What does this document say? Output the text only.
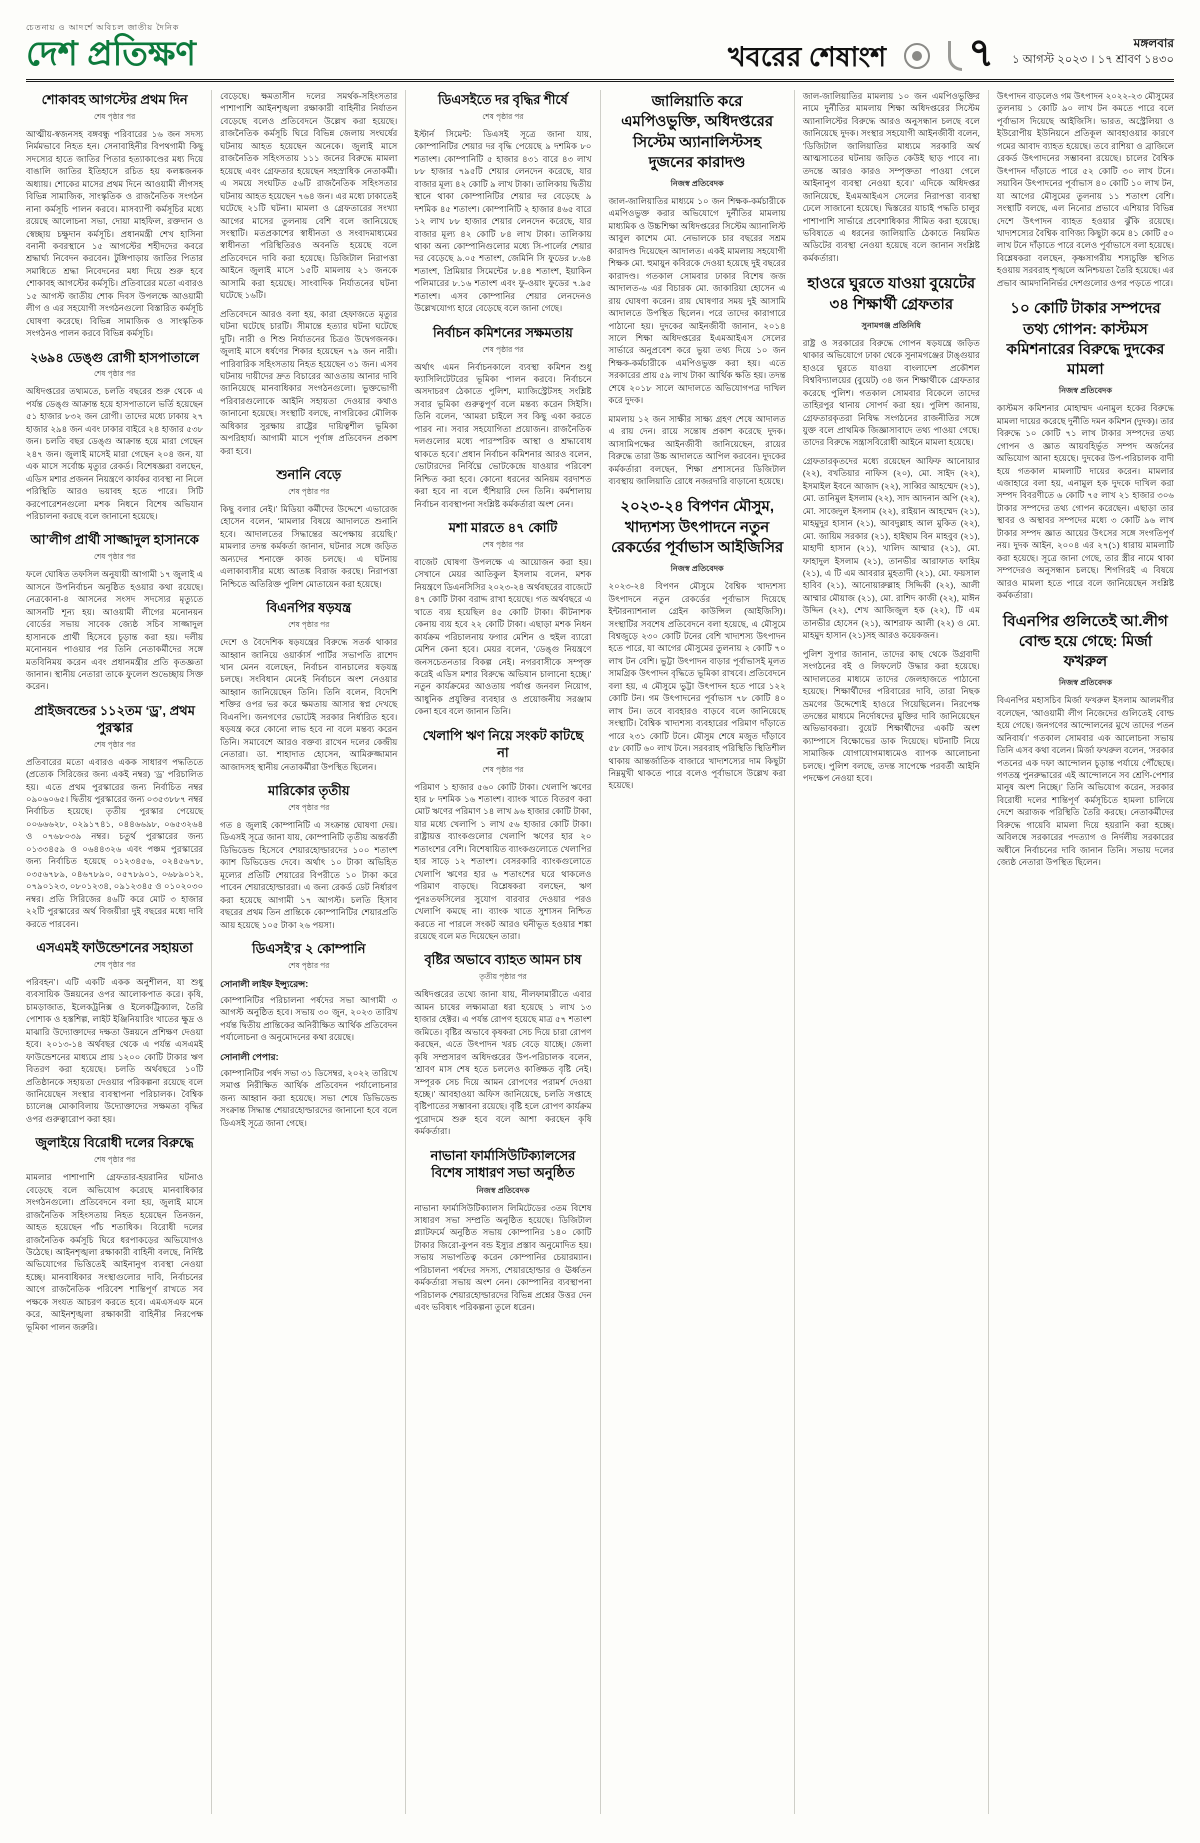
চেতনায় ও আদর্শে অবিচল জাতীয় দৈনিক
দেশ প্রতিক্ষণ	খবরের শেষাংশ ৭	মঙ্গলবার
১ আগস্ট ২০২৩ । ১৭ শ্রাবণ ১৪৩০
শোকাবহ আগস্টের প্রথম দিন
শেষ পৃষ্ঠার পর

আত্মীয়-স্বজনসহ বঙ্গবন্ধু পরিবারের ১৬ জন সদস্য নির্মমভাবে নিহত হন। সেনাবাহিনীর বিপথগামী কিছু সদস্যের হাতে জাতির পিতার হত্যাকাণ্ডের মধ্য দিয়ে বাঙালি জাতির ইতিহাসে রচিত হয় কলঙ্কজনক অধ্যায়। শোকের মাসের প্রথম দিনে আওয়ামী লীগসহ বিভিন্ন সামাজিক, সাংস্কৃতিক ও রাজনৈতিক সংগঠন নানা কর্মসূচি পালন করবে। মাসব্যাপী কর্মসূচির মধ্যে রয়েছে আলোচনা সভা, দোয়া মাহফিল, রক্তদান ও স্বেচ্ছায় চক্ষুদান কর্মসূচি। প্রধানমন্ত্রী শেখ হাসিনা বনানী কবরস্থানে ১৫ আগস্টের শহীদদের কবরে শ্রদ্ধার্ঘ্য নিবেদন করবেন। টুঙ্গিপাড়ায় জাতির পিতার সমাধিতে শ্রদ্ধা নিবেদনের মধ্য দিয়ে শুরু হবে শোকাবহ আগস্টের কর্মসূচি। প্রতিবারের মতো এবারও ১৫ আগস্ট জাতীয় শোক দিবস উপলক্ষে আওয়ামী লীগ ও এর সহযোগী সংগঠনগুলো বিস্তারিত কর্মসূচি ঘোষণা করেছে। বিভিন্ন সামাজিক ও সাংস্কৃতিক সংগঠনও পালন করবে বিভিন্ন কর্মসূচি।

২৬৯৪ ডেঙ্গু রোগী হাসপাতালে
শেষ পৃষ্ঠার পর

অধিদপ্তরের তথ্যমতে, চলতি বছরের শুরু থেকে এ পর্যন্ত ডেঙ্গু আক্রান্ত হয়ে হাসপাতালে ভর্তি হয়েছেন ৫১ হাজার ৮৩২ জন রোগী। তাদের মধ্যে ঢাকায় ২৭ হাজার ২৯৪ জন এবং ঢাকার বাইরে ২৪ হাজার ৫৩৮ জন। চলতি বছর ডেঙ্গু আক্রান্ত হয়ে মারা গেছেন ২৪৭ জন। জুলাই মাসেই মারা গেছেন ২০৪ জন, যা এক মাসে সর্বোচ্চ মৃত্যুর রেকর্ড। বিশেষজ্ঞরা বলছেন, এডিস মশার প্রজনন নিয়ন্ত্রণে কার্যকর ব্যবস্থা না নিলে পরিস্থিতি আরও ভয়াবহ হতে পারে। সিটি করপোরেশনগুলো মশক নিধনে বিশেষ অভিযান পরিচালনা করছে বলে জানানো হয়েছে।

আ’লীগ প্রার্থী সাজ্জাদুল হাসানকে
শেষ পৃষ্ঠার পর

ফলে ঘোষিত তফসিল অনুযায়ী আগামী ১৭ জুলাই এ আসনে উপনির্বাচন অনুষ্ঠিত হওয়ার কথা রয়েছে। নেত্রকোনা-৪ আসনের সংসদ সদস্যের মৃত্যুতে আসনটি শূন্য হয়। আওয়ামী লীগের মনোনয়ন বোর্ডের সভায় সাবেক জ্যেষ্ঠ সচিব সাজ্জাদুল হাসানকে প্রার্থী হিসেবে চূড়ান্ত করা হয়। দলীয় মনোনয়ন পাওয়ার পর তিনি নেতাকর্মীদের সঙ্গে মতবিনিময় করেন এবং প্রধানমন্ত্রীর প্রতি কৃতজ্ঞতা জানান। স্থানীয় নেতারা তাকে ফুলেল শুভেচ্ছায় সিক্ত করেন।

প্রাইজবন্ডের ১১২তম ‘ড্র’, প্রথম পুরস্কার
শেষ পৃষ্ঠার পর

প্রতিবারের মতো এবারও একক সাধারণ পদ্ধতিতে (প্রত্যেক সিরিজের জন্য একই নম্বর) ‘ড্র’ পরিচালিত হয়। এতে প্রথম পুরস্কারের জন্য নির্বাচিত নম্বর ০৯০৬০৬৫। দ্বিতীয় পুরস্কারের জন্য ০৩৫৩৮৮৭ নম্বর নির্বাচিত হয়েছে। তৃতীয় পুরস্কার পেয়েছে ০০৬৬৬২৮, ০২৯১৭৪১, ০৪৪৬৬৯৮, ০৬৫৩২৬৪ ও ০৭৬৮০৩৯ নম্বর। চতুর্থ পুরস্কারের জন্য ০১৩৩৪৫৯ ও ০৬৪৪৩২৬ এবং পঞ্চম পুরস্কারের জন্য নির্বাচিত হয়েছে ০১২৩৪৫৬, ০২৪৫৬৭৮, ০৩৫৬৭৮৯, ০৪৬৭৮৯০, ০৫৭৮৯০১, ০৬৮৯০১২, ০৭৯০১২৩, ০৮০১২৩৪, ০৯১২৩৪৫ ও ০১০২০৩০ নম্বর। প্রতি সিরিজের ৪৬টি করে মোট ৩ হাজার ২২টি পুরস্কারের অর্থ বিজয়ীরা দুই বছরের মধ্যে দাবি করতে পারবেন।

এসএমই ফাউন্ডেশনের সহায়তা
শেষ পৃষ্ঠার পর

পরিবহন’। এটি একটি একক অনুশীলন, যা শুধু ব্যবসায়িক উন্নয়নের ওপর আলোকপাত করে। কৃষি, চামড়াজাত, ইলেকট্রনিক্স ও ইলেকট্রিক্যাল, তৈরি পোশাক ও হস্তশিল্প, লাইট ইঞ্জিনিয়ারিং খাতের ক্ষুদ্র ও মাঝারি উদ্যোক্তাদের দক্ষতা উন্নয়নে প্রশিক্ষণ দেওয়া হবে। ২০১৩-১৪ অর্থবছর থেকে এ পর্যন্ত এসএমই ফাউন্ডেশনের মাধ্যমে প্রায় ১২০০ কোটি টাকার ঋণ বিতরণ করা হয়েছে। চলতি অর্থবছরে ১০টি প্রতিষ্ঠানকে সহায়তা দেওয়ার পরিকল্পনা রয়েছে বলে জানিয়েছেন সংস্থার ব্যবস্থাপনা পরিচালক। বৈশ্বিক চ্যালেঞ্জ মোকাবিলায় উদ্যোক্তাদের সক্ষমতা বৃদ্ধির ওপর গুরুত্বারোপ করা হয়।

জুলাইয়ে বিরোধী দলের বিরুদ্ধে
শেষ পৃষ্ঠার পর

মামলার পাশাপাশি গ্রেফতার-হয়রানির ঘটনাও বেড়েছে বলে অভিযোগ করেছে মানবাধিকার সংগঠনগুলো। প্রতিবেদনে বলা হয়, জুলাই মাসে রাজনৈতিক সহিংসতায় নিহত হয়েছেন তিনজন, আহত হয়েছেন পাঁচ শতাধিক। বিরোধী দলের রাজনৈতিক কর্মসূচি ঘিরে ধরপাকড়ের অভিযোগও উঠেছে। আইনশৃঙ্খলা রক্ষাকারী বাহিনী বলছে, নির্দিষ্ট অভিযোগের ভিত্তিতেই আইনানুগ ব্যবস্থা নেওয়া হচ্ছে। মানবাধিকার সংস্থাগুলোর দাবি, নির্বাচনের আগে রাজনৈতিক পরিবেশ শান্তিপূর্ণ রাখতে সব পক্ষকে সংযত আচরণ করতে হবে। এমএসএফ মনে করে, আইনশৃঙ্খলা রক্ষাকারী বাহিনীর নিরপেক্ষ ভূমিকা পালন জরুরি।

বেড়েছে। ক্ষমতাসীন দলের সমর্থক-সহিংসতার পাশাপাশি আইনশৃঙ্খলা রক্ষাকারী বাহিনীর নির্যাতন বেড়েছে বলেও প্রতিবেদনে উল্লেখ করা হয়েছে। রাজনৈতিক কর্মসূচি ঘিরে বিভিন্ন জেলায় সংঘর্ষের ঘটনায় আহত হয়েছেন অনেকে। জুলাই মাসে রাজনৈতিক সহিংসতায় ১১১ জনের বিরুদ্ধে মামলা হয়েছে এবং গ্রেফতার হয়েছেন সহস্রাধিক নেতাকর্মী। এ সময়ে সংঘটিত ৫৬টি রাজনৈতিক সহিংসতার ঘটনায় আহত হয়েছেন ৭৬৪ জন। এর মধ্যে ঢাকাতেই ঘটেছে ২১টি ঘটনা। মামলা ও গ্রেফতারের সংখ্যা আগের মাসের তুলনায় বেশি বলে জানিয়েছে সংস্থাটি। মতপ্রকাশের স্বাধীনতা ও সংবাদমাধ্যমের স্বাধীনতা পরিস্থিতিরও অবনতি হয়েছে বলে প্রতিবেদনে দাবি করা হয়েছে। ডিজিটাল নিরাপত্তা আইনে জুলাই মাসে ১৫টি মামলায় ২১ জনকে আসামি করা হয়েছে। সাংবাদিক নির্যাতনের ঘটনা ঘটেছে ১৬টি।

প্রতিবেদনে আরও বলা হয়, কারা হেফাজতে মৃত্যুর ঘটনা ঘটেছে চারটি। সীমান্তে হত্যার ঘটনা ঘটেছে দুটি। নারী ও শিশু নির্যাতনের চিত্রও উদ্বেগজনক। জুলাই মাসে ধর্ষণের শিকার হয়েছেন ৭৯ জন নারী। পারিবারিক সহিংসতায় নিহত হয়েছেন ৩১ জন। এসব ঘটনায় দায়ীদের দ্রুত বিচারের আওতায় আনার দাবি জানিয়েছে মানবাধিকার সংগঠনগুলো। ভুক্তভোগী পরিবারগুলোকে আইনি সহায়তা দেওয়ার কথাও জানানো হয়েছে। সংস্থাটি বলছে, নাগরিকের মৌলিক অধিকার সুরক্ষায় রাষ্ট্রের দায়িত্বশীল ভূমিকা অপরিহার্য। আগামী মাসে পূর্ণাঙ্গ প্রতিবেদন প্রকাশ করা হবে।

শুনানি বেড়ে
শেষ পৃষ্ঠার পর

কিছু বলার নেই।’ মিডিয়া কর্মীদের উদ্দেশে এভারেজ হোসেন বলেন, ‘মামলার বিষয়ে আদালতে শুনানি হবে। আদালতের সিদ্ধান্তের অপেক্ষায় রয়েছি।’ মামলার তদন্ত কর্মকর্তা জানান, ঘটনার সঙ্গে জড়িত অন্যদের শনাক্তে কাজ চলছে। এ ঘটনায় এলাকাবাসীর মধ্যে আতঙ্ক বিরাজ করছে। নিরাপত্তা নিশ্চিতে অতিরিক্ত পুলিশ মোতায়েন করা হয়েছে।

বিএনপির ষড়যন্ত্র
শেষ পৃষ্ঠার পর

দেশে ও বৈদেশিক ষড়যন্ত্রের বিরুদ্ধে সতর্ক থাকার আহ্বান জানিয়ে ওয়ার্কার্স পার্টির সভাপতি রাশেদ খান মেনন বলেছেন, নির্বাচন বানচালের ষড়যন্ত্র চলছে। সংবিধান মেনেই নির্বাচনে অংশ নেওয়ার আহ্বান জানিয়েছেন তিনি। তিনি বলেন, বিদেশি শক্তির ওপর ভর করে ক্ষমতায় আসার স্বপ্ন দেখছে বিএনপি। জনগণের ভোটেই সরকার নির্ধারিত হবে। ষড়যন্ত্র করে কোনো লাভ হবে না বলে মন্তব্য করেন তিনি। সমাবেশে আরও বক্তব্য রাখেন দলের কেন্দ্রীয় নেতারা। ডা. শাহাদাত হোসেন, আমিরুজ্জামান আজাদসহ স্থানীয় নেতাকর্মীরা উপস্থিত ছিলেন।

মারিকোর তৃতীয়
শেষ পৃষ্ঠার পর

গত ৪ জুলাই কোম্পানিটি এ সংক্রান্ত ঘোষণা দেয়। ডিএসই সূত্রে জানা যায়, কোম্পানিটি তৃতীয় অন্তর্বর্তী ডিভিডেন্ড হিসেবে শেয়ারহোল্ডারদের ১০০ শতাংশ ক্যাশ ডিভিডেন্ড দেবে। অর্থাৎ ১০ টাকা অভিহিত মূল্যের প্রতিটি শেয়ারের বিপরীতে ১০ টাকা করে পাবেন শেয়ারহোল্ডাররা। এ জন্য রেকর্ড ডেট নির্ধারণ করা হয়েছে আগামী ১৭ আগস্ট। চলতি হিসাব বছরের প্রথম তিন প্রান্তিকে কোম্পানিটির শেয়ারপ্রতি আয় হয়েছে ১০৫ টাকা ২৬ পয়সা।

ডিএসই’র ২ কোম্পানি
শেষ পৃষ্ঠার পর
সোনালী লাইফ ইন্স্যুরেন্স:

কোম্পানিটির পরিচালনা পর্ষদের সভা আগামী ৩ আগস্ট অনুষ্ঠিত হবে। সভায় ৩০ জুন, ২০২৩ তারিখ পর্যন্ত দ্বিতীয় প্রান্তিকের অনিরীক্ষিত আর্থিক প্রতিবেদন পর্যালোচনা ও অনুমোদনের কথা রয়েছে।

সোনালী পেপার:

কোম্পানিটির পর্ষদ সভা ৩১ ডিসেম্বর, ২০২২ তারিখে সমাপ্ত নিরীক্ষিত আর্থিক প্রতিবেদন পর্যালোচনার জন্য আহ্বান করা হয়েছে। সভা শেষে ডিভিডেন্ড সংক্রান্ত সিদ্ধান্ত শেয়ারহোল্ডারদের জানানো হবে বলে ডিএসই সূত্রে জানা গেছে।

ডিএসইতে দর বৃদ্ধির শীর্ষে
শেষ পৃষ্ঠার পর

ইস্টার্ন সিমেন্ট: ডিএসই সূত্রে জানা যায়, কোম্পানিটির শেয়ার দর বৃদ্ধি পেয়েছে ৯ দশমিক ৮০ শতাংশ। কোম্পানিটি ৫ হাজার ৪৩১ বারে ৪৩ লাখ ৮৮ হাজার ৭৯৫টি শেয়ার লেনদেন করেছে, যার বাজার মূল্য ৪২ কোটি ৯ লাখ টাকা। তালিকায় দ্বিতীয় স্থানে থাকা কোম্পানিটির শেয়ার দর বেড়েছে ৯ দশমিক ৪৫ শতাংশ। কোম্পানিটি ২ হাজার ৪৬৫ বারে ১২ লাখ ৮৮ হাজার শেয়ার লেনদেন করেছে, যার বাজার মূল্য ৪২ কোটি ৮৪ লাখ টাকা। তালিকায় থাকা অন্য কোম্পানিগুলোর মধ্যে সি-পার্লের শেয়ার দর বেড়েছে ৯.০৫ শতাংশ, জেমিনি সি ফুডের ৮.৬৪ শতাংশ, প্রিমিয়ার সিমেন্টের ৮.৪৪ শতাংশ, ইয়াকিন পলিমারের ৮.১৬ শতাংশ এবং ফু-ওয়াং ফুডের ৭.৯৫ শতাংশ। এসব কোম্পানির শেয়ার লেনদেনও উল্লেখযোগ্য হারে বেড়েছে বলে জানা গেছে।

নির্বাচন কমিশনের সক্ষমতায়
শেষ পৃষ্ঠার পর

অর্থাৎ এমন নির্বাচনকালে ব্যবস্থা কমিশন শুধু ফ্যাসিলিটেটরের ভূমিকা পালন করবে। নির্বাচনে অসদাচরণ ঠেকাতে পুলিশ, ম্যাজিস্ট্রেটসহ সংশ্লিষ্ট সবার ভূমিকা গুরুত্বপূর্ণ বলে মন্তব্য করেন সিইসি। তিনি বলেন, ‘আমরা চাইলে সব কিছু একা করতে পারব না। সবার সহযোগিতা প্রয়োজন। রাজনৈতিক দলগুলোর মধ্যে পারস্পরিক আস্থা ও শ্রদ্ধাবোধ থাকতে হবে।’ প্রধান নির্বাচন কমিশনার আরও বলেন, ভোটারদের নির্বিঘ্নে ভোটকেন্দ্রে যাওয়ার পরিবেশ নিশ্চিত করা হবে। কোনো ধরনের অনিয়ম বরদাশত করা হবে না বলে হুঁশিয়ারি দেন তিনি। কর্মশালায় নির্বাচন ব্যবস্থাপনা সংশ্লিষ্ট কর্মকর্তারা অংশ নেন।

মশা মারতে ৪৭ কোটি
শেষ পৃষ্ঠার পর

বাজেট ঘোষণা উপলক্ষে এ আয়োজন করা হয়। সেখানে মেয়র আতিকুল ইসলাম বলেন, মশক নিয়ন্ত্রণে ডিএনসিসির ২০২৩-২৪ অর্থবছরের বাজেটে ৪৭ কোটি টাকা বরাদ্দ রাখা হয়েছে। গত অর্থবছরে এ খাতে ব্যয় হয়েছিল ৪৫ কোটি টাকা। কীটনাশক কেনায় ব্যয় হবে ২২ কোটি টাকা। এছাড়া মশক নিধন কার্যক্রম পরিচালনায় ফগার মেশিন ও হুইল ব্যারো মেশিন কেনা হবে। মেয়র বলেন, ‘ডেঙ্গু নিয়ন্ত্রণে জনসচেতনতার বিকল্প নেই। নগরবাসীকে সম্পৃক্ত করেই এডিস মশার বিরুদ্ধে অভিযান চালানো হচ্ছে।’ নতুন কার্যক্রমের আওতায় পর্যাপ্ত জনবল নিয়োগ, আধুনিক প্রযুক্তির ব্যবহার ও প্রয়োজনীয় সরঞ্জাম কেনা হবে বলে জানান তিনি।

খেলাপি ঋণ নিয়ে সংকট কাটছে না
শেষ পৃষ্ঠার পর

পরিমাণ ১ হাজার ৫৬০ কোটি টাকা। খেলাপি ঋণের হার ৮ দশমিক ১৬ শতাংশ। ব্যাংক খাতে বিতরণ করা মোট ঋণের পরিমাণ ১৪ লাখ ৯৬ হাজার কোটি টাকা, যার মধ্যে খেলাপি ১ লাখ ৫৬ হাজার কোটি টাকা। রাষ্ট্রায়ত্ত ব্যাংকগুলোর খেলাপি ঋণের হার ২০ শতাংশের বেশি। বিশেষায়িত ব্যাংকগুলোতে খেলাপির হার সাড়ে ১২ শতাংশ। বেসরকারি ব্যাংকগুলোতে খেলাপি ঋণের হার ৬ শতাংশের ঘরে থাকলেও পরিমাণ বাড়ছে। বিশ্লেষকরা বলছেন, ঋণ পুনঃতফসিলের সুযোগ বারবার দেওয়ার পরও খেলাপি কমছে না। ব্যাংক খাতে সুশাসন নিশ্চিত করতে না পারলে সংকট আরও ঘনীভূত হওয়ার শঙ্কা রয়েছে বলে মত দিয়েছেন তারা।

বৃষ্টির অভাবে ব্যাহত আমন চাষ
তৃতীয় পৃষ্ঠার পর

অধিদপ্তরের তথ্যে জানা যায়, নীলফামারীতে এবার আমন চাষের লক্ষ্যমাত্রা ধরা হয়েছে ১ লাখ ১৩ হাজার হেক্টর। এ পর্যন্ত রোপণ হয়েছে মাত্র ৫৭ শতাংশ জমিতে। বৃষ্টির অভাবে কৃষকরা সেচ দিয়ে চারা রোপণ করছেন, এতে উৎপাদন খরচ বেড়ে যাচ্ছে। জেলা কৃষি সম্প্রসারণ অধিদপ্তরের উপ-পরিচালক বলেন, ‘শ্রাবণ মাস শেষ হতে চললেও কাঙ্ক্ষিত বৃষ্টি নেই। সম্পূরক সেচ দিয়ে আমন রোপণের পরামর্শ দেওয়া হচ্ছে।’ আবহাওয়া অফিস জানিয়েছে, চলতি সপ্তাহে বৃষ্টিপাতের সম্ভাবনা রয়েছে। বৃষ্টি হলে রোপণ কার্যক্রম পুরোদমে শুরু হবে বলে আশা করছেন কৃষি কর্মকর্তারা।

নাভানা ফার্মাসিউটিক্যালসের বিশেষ সাধারণ সভা অনুষ্ঠিত
নিজস্ব প্রতিবেদক

নাভানা ফার্মাসিউটিক্যালস লিমিটেডের ৩তম বিশেষ সাধারণ সভা সম্প্রতি অনুষ্ঠিত হয়েছে। ডিজিটাল প্ল্যাটফর্মে অনুষ্ঠিত সভায় কোম্পানির ১৪০ কোটি টাকার জিরো-কুপন বন্ড ইস্যুর প্রস্তাব অনুমোদিত হয়। সভায় সভাপতিত্ব করেন কোম্পানির চেয়ারম্যান। পরিচালনা পর্ষদের সদস্য, শেয়ারহোল্ডার ও ঊর্ধ্বতন কর্মকর্তারা সভায় অংশ নেন। কোম্পানির ব্যবস্থাপনা পরিচালক শেয়ারহোল্ডারদের বিভিন্ন প্রশ্নের উত্তর দেন এবং ভবিষ্যৎ পরিকল্পনা তুলে ধরেন।

জালিয়াতি করে এমপিওভুক্তি, অধিদপ্তরের সিস্টেম অ্যানালিস্টসহ দুজনের কারাদণ্ড
নিজস্ব প্রতিবেদক

জাল-জালিয়াতির মাধ্যমে ১০ জন শিক্ষক-কর্মচারীকে এমপিওভুক্ত করার অভিযোগে দুর্নীতির মামলায় মাধ্যমিক ও উচ্চশিক্ষা অধিদপ্তরের সিস্টেম অ্যানালিস্ট আবুল কাশেম মো. নেভালকে চার বছরের সশ্রম কারাদণ্ড দিয়েছেন আদালত। একই মামলায় সহযোগী শিক্ষক মো. হুমায়ুন কবিরকে দেওয়া হয়েছে দুই বছরের কারাদণ্ড। গতকাল সোমবার ঢাকার বিশেষ জজ আদালত-৬ এর বিচারক মো. জাকারিয়া হোসেন এ রায় ঘোষণা করেন। রায় ঘোষণার সময় দুই আসামি আদালতে উপস্থিত ছিলেন। পরে তাদের কারাগারে পাঠানো হয়। দুদকের আইনজীবী জানান, ২০১৪ সালে শিক্ষা অধিদপ্তরের ইএমআইএস সেলের সার্ভারে অনুপ্রবেশ করে ভুয়া তথ্য দিয়ে ১০ জন শিক্ষক-কর্মচারীকে এমপিওভুক্ত করা হয়। এতে সরকারের প্রায় ৫৯ লাখ টাকা আর্থিক ক্ষতি হয়। তদন্ত শেষে ২০১৮ সালে আদালতে অভিযোগপত্র দাখিল করে দুদক।

মামলায় ১২ জন সাক্ষীর সাক্ষ্য গ্রহণ শেষে আদালত এ রায় দেন। রায়ে সন্তোষ প্রকাশ করেছে দুদক। আসামিপক্ষের আইনজীবী জানিয়েছেন, রায়ের বিরুদ্ধে তারা উচ্চ আদালতে আপিল করবেন। দুদকের কর্মকর্তারা বলছেন, শিক্ষা প্রশাসনের ডিজিটাল ব্যবস্থায় জালিয়াতি রোধে নজরদারি বাড়ানো হয়েছে।

২০২৩-২৪ বিপণন মৌসুম, খাদ্যশস্য উৎপাদনে নতুন রেকর্ডের পূর্বাভাস আইজিসির
নিজস্ব প্রতিবেদক

২০২৩-২৪ বিপণন মৌসুমে বৈশ্বিক খাদ্যশস্য উৎপাদনে নতুন রেকর্ডের পূর্বাভাস দিয়েছে ইন্টারন্যাশনাল গ্রেইন কাউন্সিল (আইজিসি)। সংস্থাটির সবশেষ প্রতিবেদনে বলা হয়েছে, এ মৌসুমে বিশ্বজুড়ে ২৩০ কোটি টনের বেশি খাদ্যশস্য উৎপাদন হতে পারে, যা আগের মৌসুমের তুলনায় ২ কোটি ৭০ লাখ টন বেশি। ভুট্টা উৎপাদন বাড়ার পূর্বাভাসই মূলত সামগ্রিক উৎপাদন বৃদ্ধিতে ভূমিকা রাখবে। প্রতিবেদনে বলা হয়, এ মৌসুমে ভুট্টা উৎপাদন হতে পারে ১২২ কোটি টন। গম উৎপাদনের পূর্বাভাস ৭৮ কোটি ৪০ লাখ টন। তবে ব্যবহারও বাড়বে বলে জানিয়েছে সংস্থাটি। বৈশ্বিক খাদ্যশস্য ব্যবহারের পরিমাণ দাঁড়াতে পারে ২৩১ কোটি টনে। মৌসুম শেষে মজুত দাঁড়াবে ৫৮ কোটি ৬০ লাখ টনে। সরবরাহ পরিস্থিতি স্থিতিশীল থাকায় আন্তর্জাতিক বাজারে খাদ্যশস্যের দাম কিছুটা নিম্নমুখী থাকতে পারে বলেও পূর্বাভাসে উল্লেখ করা হয়েছে।

জাল-জালিয়াতির মামলায় ১০ জন এমপিওভুক্তির নামে দুর্নীতির মামলায় শিক্ষা অধিদপ্তরের সিস্টেম অ্যানালিস্টের বিরুদ্ধে আরও অনুসন্ধান চলছে বলে জানিয়েছে দুদক। সংস্থার সহযোগী আইনজীবী বলেন, ‘ডিজিটাল জালিয়াতির মাধ্যমে সরকারি অর্থ আত্মসাতের ঘটনায় জড়িত কেউই ছাড় পাবে না। তদন্তে আরও কারও সম্পৃক্ততা পাওয়া গেলে আইনানুগ ব্যবস্থা নেওয়া হবে।’ এদিকে অধিদপ্তর জানিয়েছে, ইএমআইএস সেলের নিরাপত্তা ব্যবস্থা ঢেলে সাজানো হয়েছে। দ্বিস্তরের যাচাই পদ্ধতি চালুর পাশাপাশি সার্ভারে প্রবেশাধিকার সীমিত করা হয়েছে। ভবিষ্যতে এ ধরনের জালিয়াতি ঠেকাতে নিয়মিত অডিটের ব্যবস্থা নেওয়া হয়েছে বলে জানান সংশ্লিষ্ট কর্মকর্তারা।

হাওরে ঘুরতে যাওয়া বুয়েটের ৩৪ শিক্ষার্থী গ্রেফতার
সুনামগঞ্জ প্রতিনিধি

রাষ্ট্র ও সরকারের বিরুদ্ধে গোপন ষড়যন্ত্রে জড়িত থাকার অভিযোগে ঢাকা থেকে সুনামগঞ্জের টাঙ্গুয়ার হাওরে ঘুরতে যাওয়া বাংলাদেশ প্রকৌশল বিশ্ববিদ্যালয়ের (বুয়েট) ৩৪ জন শিক্ষার্থীকে গ্রেফতার করেছে পুলিশ। গতকাল সোমবার বিকেলে তাদের তাহিরপুর থানায় সোপর্দ করা হয়। পুলিশ জানায়, গ্রেফতারকৃতরা নিষিদ্ধ সংগঠনের রাজনীতির সঙ্গে যুক্ত বলে প্রাথমিক জিজ্ঞাসাবাদে তথ্য পাওয়া গেছে। তাদের বিরুদ্ধে সন্ত্রাসবিরোধী আইনে মামলা হয়েছে।

গ্রেফতারকৃতদের মধ্যে রয়েছেন আফিফ আনোয়ার (২২), বখতিয়ার নাফিস (২০), মো. সাইদ (২২), ইসমাইল ইবনে আজাদ (২২), সাব্বির আহম্মেদ (২১), মো. তানিমুল ইসলাম (২২), সাদ আদনান অপি (২২), মো. সাজেদুল ইসলাম (২২), রাইয়ান আহম্মেদ (২১), মাহমুদুর হাসান (২১), আবদুল্লাহ আল মুকিত (২২), মো. জায়িম সরকার (২১), হাইছাম বিন মাহবুব (২১), মাহাদী হাসান (২১), খালিদ আম্মার (২১), মো. ফাহাদুল ইসলাম (২১), তানভীর আরাফাত ফাহিম (২১), এ টি এম আবরার মুহতাদী (২১), মো. ফয়সাল হাবিব (২১), আনোয়ারুল্লাহ সিদ্দিকী (২২), আলী আম্মার মৌয়াজ (২১), মো. রাশিদ কাজী (২২), মাঈন উদ্দিন (২২), শেখ আজিজুল হক (২২), টি এম তানভীর হোসেন (২১), আশরাফ আলী (২২) ও মো. মাহমুদ হাসান (২১)সহ আরও কয়েকজন।

পুলিশ সুপার জানান, তাদের কাছ থেকে উগ্রবাদী সংগঠনের বই ও লিফলেট উদ্ধার করা হয়েছে। আদালতের মাধ্যমে তাদের জেলহাজতে পাঠানো হয়েছে। শিক্ষার্থীদের পরিবারের দাবি, তারা নিছক ভ্রমণের উদ্দেশ্যেই হাওরে গিয়েছিলেন। নিরপেক্ষ তদন্তের মাধ্যমে নির্দোষদের মুক্তির দাবি জানিয়েছেন অভিভাবকরা। বুয়েট শিক্ষার্থীদের একটি অংশ ক্যাম্পাসে বিক্ষোভের ডাক দিয়েছে। ঘটনাটি নিয়ে সামাজিক যোগাযোগমাধ্যমেও ব্যাপক আলোচনা চলছে। পুলিশ বলছে, তদন্ত সাপেক্ষে পরবর্তী আইনি পদক্ষেপ নেওয়া হবে।

উৎপাদন বাড়লেও গম উৎপাদন ২০২২-২৩ মৌসুমের তুলনায় ১ কোটি ৯০ লাখ টন কমতে পারে বলে পূর্বাভাস দিয়েছে আইজিসি। ভারত, অস্ট্রেলিয়া ও ইউরোপীয় ইউনিয়নে প্রতিকূল আবহাওয়ার কারণে গমের আবাদ ব্যাহত হয়েছে। তবে রাশিয়া ও ব্রাজিলে রেকর্ড উৎপাদনের সম্ভাবনা রয়েছে। চালের বৈশ্বিক উৎপাদন দাঁড়াতে পারে ৫২ কোটি ৩০ লাখ টনে। সয়াবিন উৎপাদনের পূর্বাভাস ৪০ কোটি ১০ লাখ টন, যা আগের মৌসুমের তুলনায় ১১ শতাংশ বেশি। সংস্থাটি বলছে, এল নিনোর প্রভাবে এশিয়ার বিভিন্ন দেশে উৎপাদন ব্যাহত হওয়ার ঝুঁকি রয়েছে। খাদ্যশস্যের বৈশ্বিক বাণিজ্য কিছুটা কমে ৪১ কোটি ৫০ লাখ টনে দাঁড়াতে পারে বলেও পূর্বাভাসে বলা হয়েছে। বিশ্লেষকরা বলছেন, কৃষ্ণসাগরীয় শস্যচুক্তি স্থগিত হওয়ায় সরবরাহ শৃঙ্খলে অনিশ্চয়তা তৈরি হয়েছে। এর প্রভাব আমদানিনির্ভর দেশগুলোর ওপর পড়তে পারে।

১০ কোটি টাকার সম্পদের তথ্য গোপন: কাস্টমস কমিশনারের বিরুদ্ধে দুদকের মামলা
নিজস্ব প্রতিবেদক

কাস্টমস কমিশনার মোহাম্মদ এনামুল হকের বিরুদ্ধে মামলা দায়ের করেছে দুর্নীতি দমন কমিশন (দুদক)। তার বিরুদ্ধে ১০ কোটি ৭১ লাখ টাকার সম্পদের তথ্য গোপন ও জ্ঞাত আয়বহির্ভূত সম্পদ অর্জনের অভিযোগ আনা হয়েছে। দুদকের উপ-পরিচালক বাদী হয়ে গতকাল মামলাটি দায়ের করেন। মামলার এজাহারে বলা হয়, এনামুল হক দুদকে দাখিল করা সম্পদ বিবরণীতে ৬ কোটি ৭৫ লাখ ২১ হাজার ৩০৬ টাকার সম্পদের তথ্য গোপন করেছেন। এছাড়া তার স্থাবর ও অস্থাবর সম্পদের মধ্যে ৩ কোটি ৯৬ লাখ টাকার সম্পদ জ্ঞাত আয়ের উৎসের সঙ্গে সংগতিপূর্ণ নয়। দুদক আইন, ২০০৪ এর ২৭(১) ধারায় মামলাটি করা হয়েছে। সূত্রে জানা গেছে, তার স্ত্রীর নামে থাকা সম্পদেরও অনুসন্ধান চলছে। শিগগিরই এ বিষয়ে আরও মামলা হতে পারে বলে জানিয়েছেন সংশ্লিষ্ট কর্মকর্তারা।

বিএনপির গুলিতেই আ.লীগ বোল্ড হয়ে গেছে: মির্জা ফখরুল
নিজস্ব প্রতিবেদক

বিএনপির মহাসচিব মির্জা ফখরুল ইসলাম আলমগীর বলেছেন, ‘আওয়ামী লীগ নিজেদের গুলিতেই বোল্ড হয়ে গেছে। জনগণের আন্দোলনের মুখে তাদের পতন অনিবার্য।’ গতকাল সোমবার এক আলোচনা সভায় তিনি এসব কথা বলেন। মির্জা ফখরুল বলেন, ‘সরকার পতনের এক দফা আন্দোলন চূড়ান্ত পর্যায়ে পৌঁছেছে। গণতন্ত্র পুনরুদ্ধারের এই আন্দোলনে সব শ্রেণি-পেশার মানুষ অংশ নিচ্ছে।’ তিনি অভিযোগ করেন, সরকার বিরোধী দলের শান্তিপূর্ণ কর্মসূচিতে হামলা চালিয়ে দেশে অরাজক পরিস্থিতি তৈরি করছে। নেতাকর্মীদের বিরুদ্ধে গায়েবি মামলা দিয়ে হয়রানি করা হচ্ছে। অবিলম্বে সরকারের পদত্যাগ ও নির্দলীয় সরকারের অধীনে নির্বাচনের দাবি জানান তিনি। সভায় দলের জ্যেষ্ঠ নেতারা উপস্থিত ছিলেন।
